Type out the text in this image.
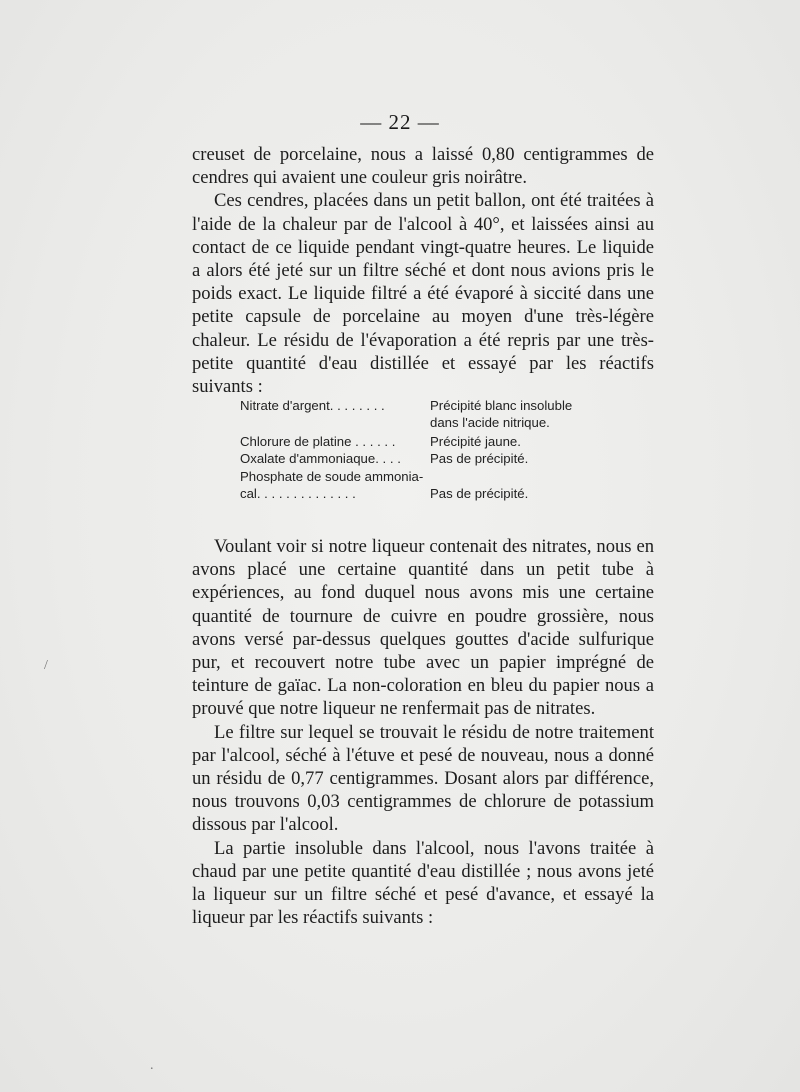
— 22 —

creuset de porcelaine, nous a laissé 0,80 centigrammes de cendres qui avaient une couleur gris noirâtre.

Ces cendres, placées dans un petit ballon, ont été traitées à l'aide de la chaleur par de l'alcool à 40°, et laissées ainsi au contact de ce liquide pendant vingt-quatre heures. Le liquide a alors été jeté sur un filtre séché et dont nous avions pris le poids exact. Le liquide filtré a été évaporé à siccité dans une petite capsule de porcelaine au moyen d'une très-légère chaleur. Le résidu de l'évaporation a été repris par une très-petite quantité d'eau distillée et essayé par les réactifs suivants :

Nitrate d'argent. . . . . . . .	Précipité blanc insoluble
dans l'acide nitrique.
Chlorure de platine . . . . . .	Précipité jaune.
Oxalate d'ammoniaque. . . .	Pas de précipité.
Phosphate de soude ammonia-
cal. . . . . . . . . . . . . .	Pas de précipité.

Voulant voir si notre liqueur contenait des nitrates, nous en avons placé une certaine quantité dans un petit tube à expériences, au fond duquel nous avons mis une certaine quantité de tournure de cuivre en poudre grossière, nous avons versé par-dessus quelques gouttes d'acide sulfurique pur, et recouvert notre tube avec un papier imprégné de teinture de gaïac. La non-coloration en bleu du papier nous a prouvé que notre liqueur ne renfermait pas de nitrates.

Le filtre sur lequel se trouvait le résidu de notre traitement par l'alcool, séché à l'étuve et pesé de nouveau, nous a donné un résidu de 0,77 centigrammes. Dosant alors par différence, nous trouvons 0,03 centigrammes de chlorure de potassium dissous par l'alcool.

La partie insoluble dans l'alcool, nous l'avons traitée à chaud par une petite quantité d'eau distillée ; nous avons jeté la liqueur sur un filtre séché et pesé d'avance, et essayé la liqueur par les réactifs suivants :

/
.
